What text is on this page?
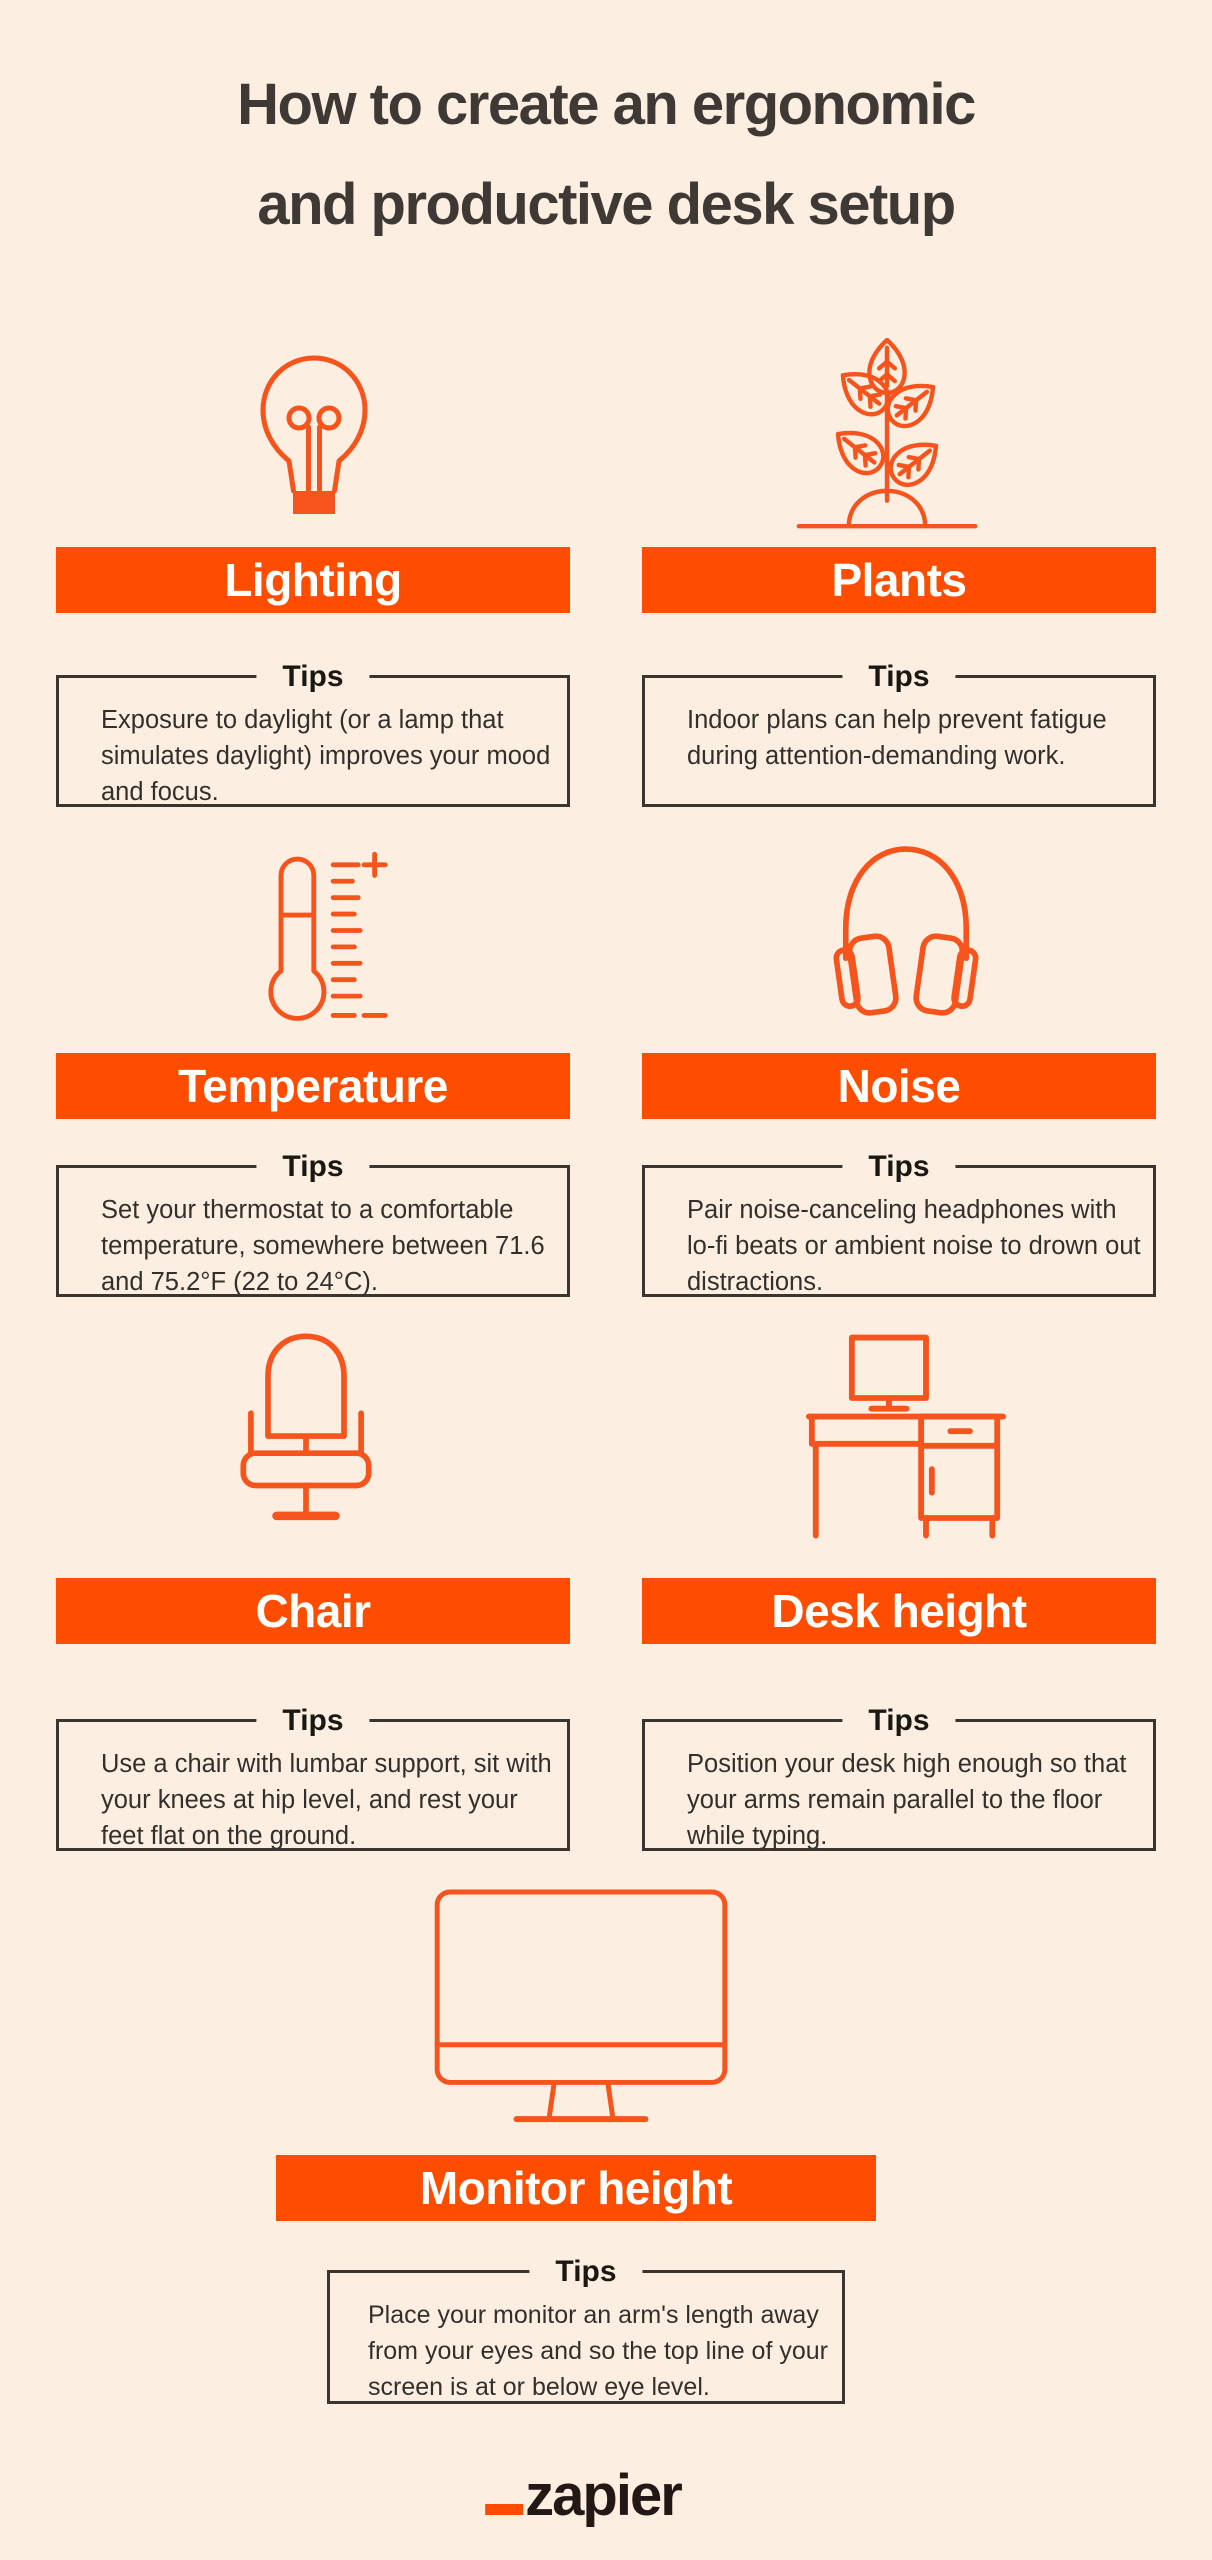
How to create an ergonomic
and productive desk setup
Lighting	Plants
Tips

Exposure to daylight (or a lamp that simulates daylight) improves your mood and focus.

Tips

Indoor plans can help prevent fatigue during attention-demanding work.

Temperature	Noise
Tips

Set your thermostat to a comfortable temperature, somewhere between 71.6 and 75.2°F (22 to 24°C).

Tips

Pair noise-canceling headphones with lo-fi beats or ambient noise to drown out distractions.

Chair	Desk height
Tips

Use a chair with lumbar support, sit with your knees at hip level, and rest your feet flat on the ground.

Tips

Position your desk high enough so that your arms remain parallel to the floor while typing.

Monitor height
Tips

Place your monitor an arm's length away from your eyes and so the top line of your screen is at or below eye level.

zapier
